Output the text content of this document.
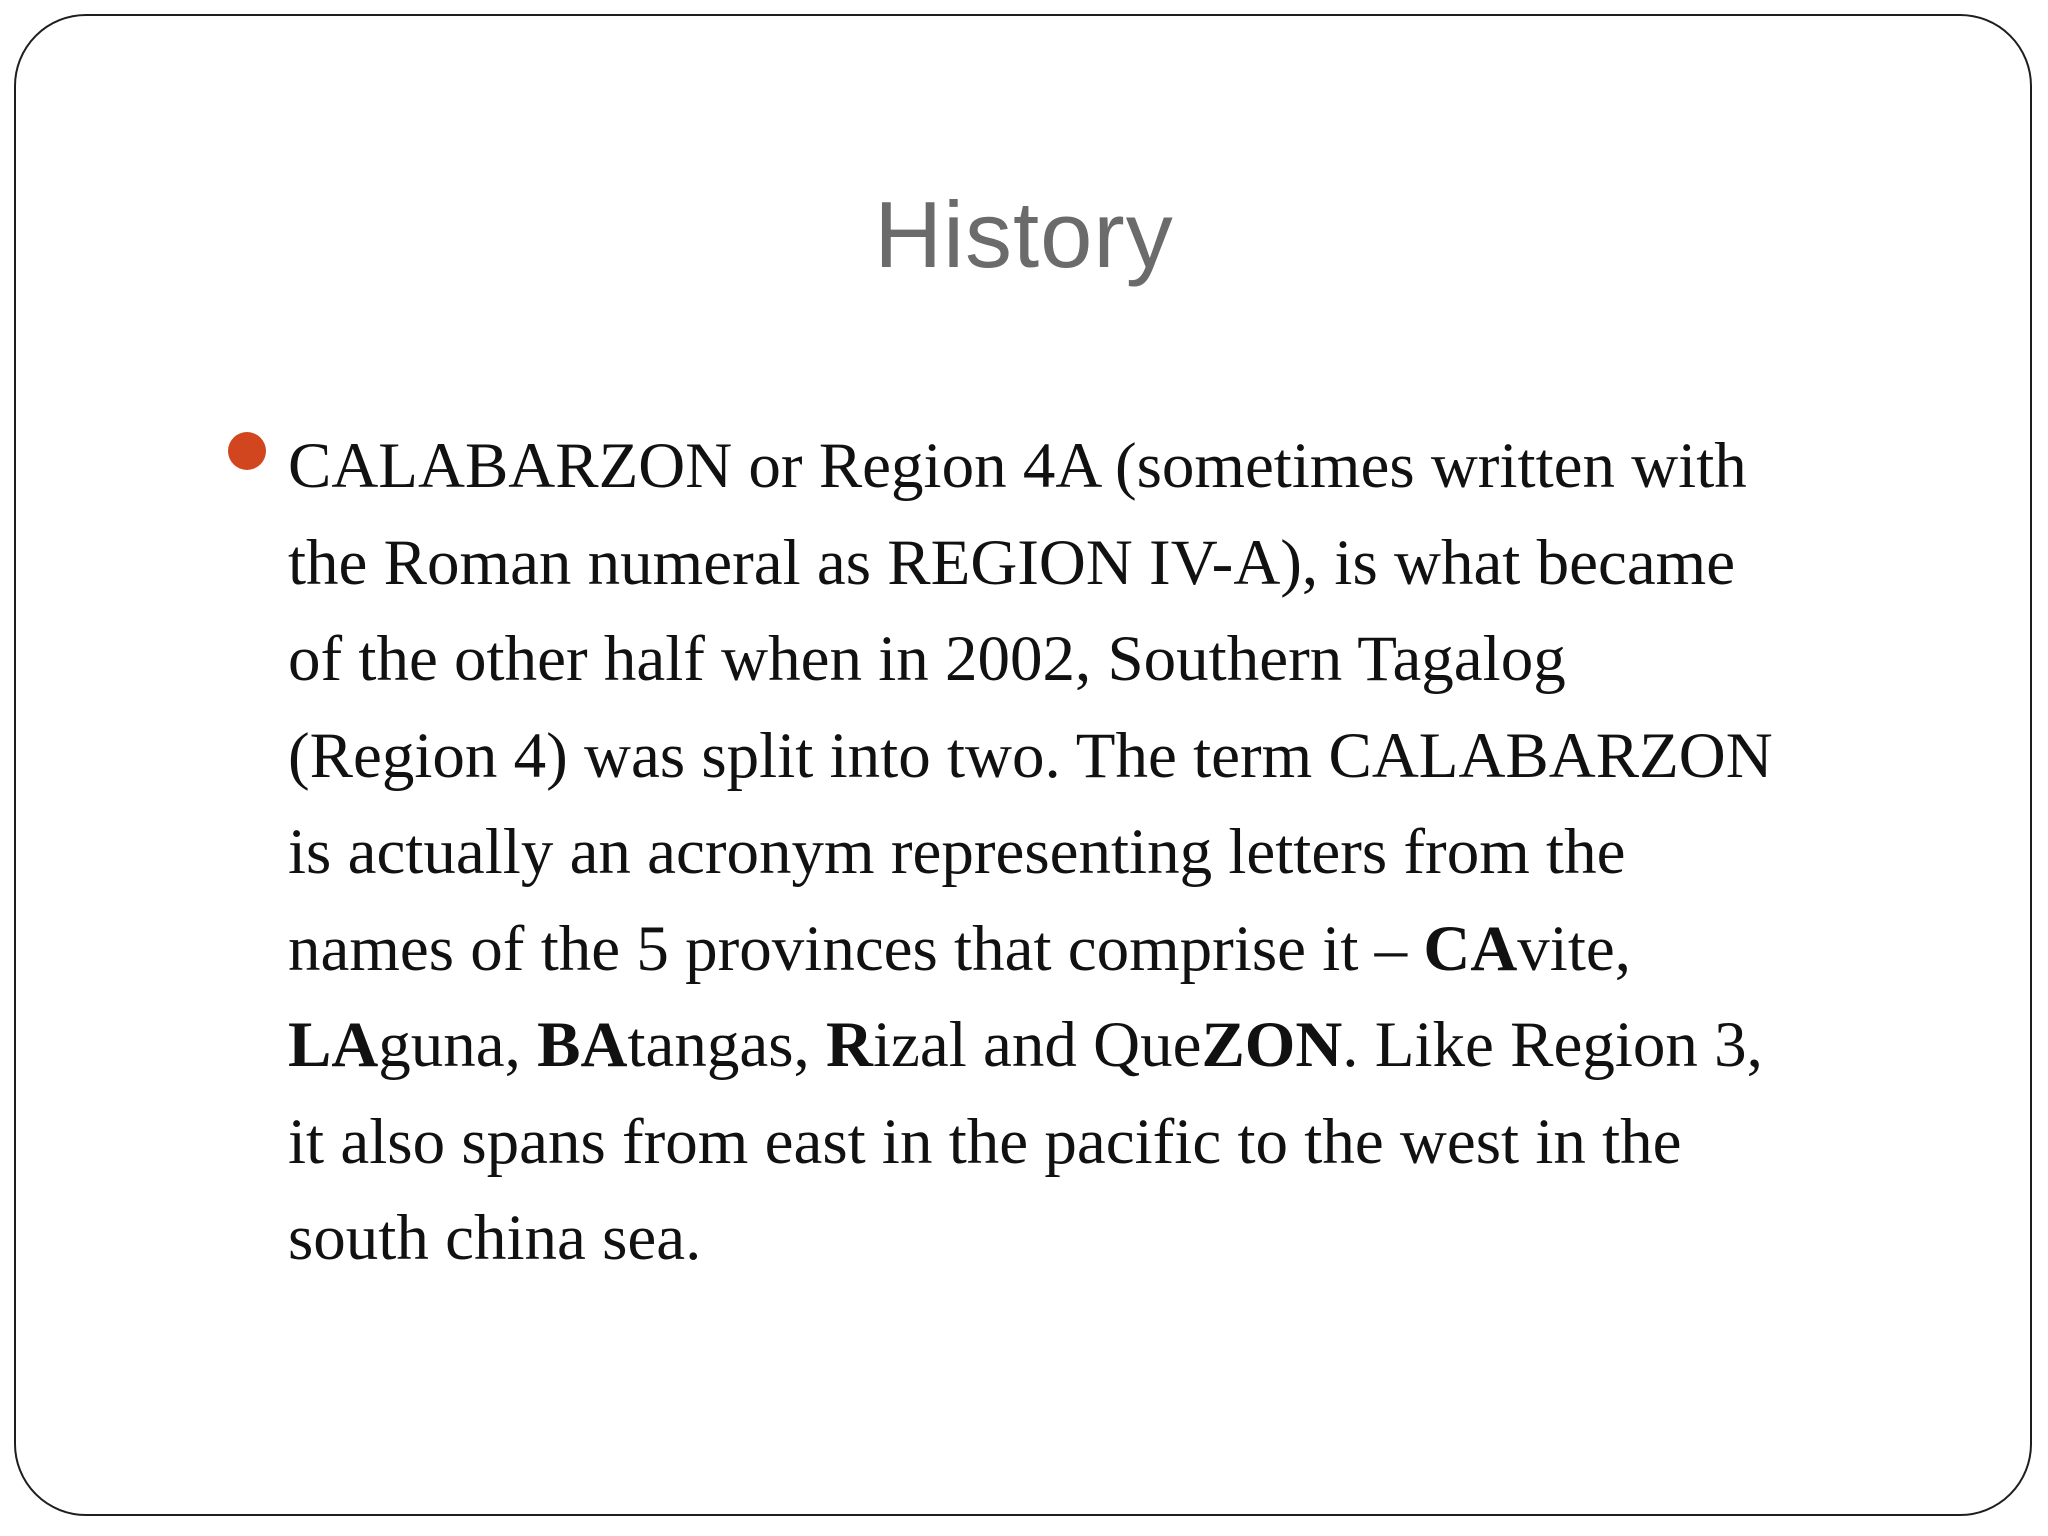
History

CALABARZON or Region 4A (sometimes written with
the Roman numeral as REGION IV-A), is what became
of the other half when in 2002, Southern Tagalog
(Region 4) was split into two. The term CALABARZON
is actually an acronym representing letters from the
names of the 5 provinces that comprise it – CAvite,
LAguna, BAtangas, Rizal and QueZON. Like Region 3,
it also spans from east in the pacific to the west in the
south china sea.
